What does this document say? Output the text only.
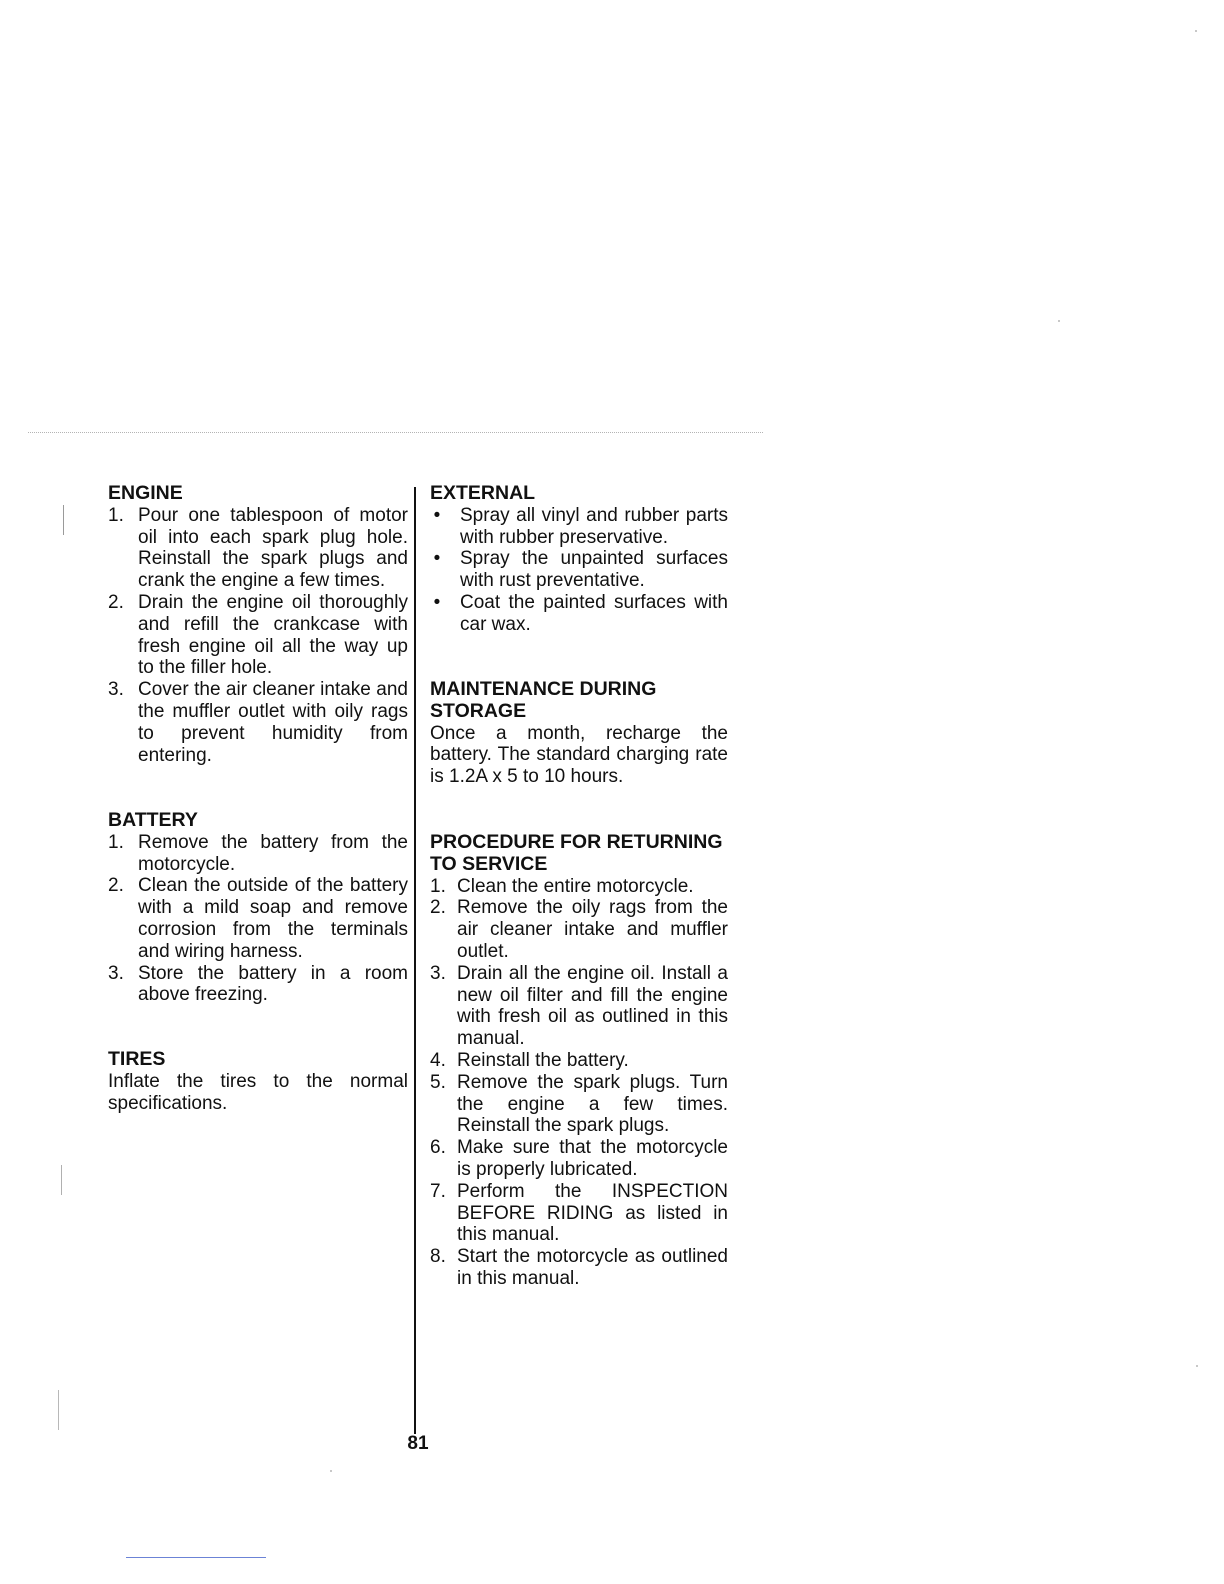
ENGINE
1. Pour one tablespoon of motor oil into each spark plug hole. Reinstall the spark plugs and crank the engine a few times.
2. Drain the engine oil thoroughly and refill the crankcase with fresh engine oil all the way up to the filler hole.
3. Cover the air cleaner intake and the muffler outlet with oily rags to prevent humidity from entering.
BATTERY
1. Remove the battery from the motorcycle.
2. Clean the outside of the battery with a mild soap and remove corrosion from the terminals and wiring harness.
3. Store the battery in a room above freezing.
TIRES

Inflate the tires to the normal specifications.

EXTERNAL
• Spray all vinyl and rubber parts with rubber preservative.
• Spray the unpainted surfaces with rust preventative.
• Coat the painted surfaces with car wax.
MAINTENANCE DURING
STORAGE

Once a month, recharge the battery. The standard charging rate is 1.2A x 5 to 10 hours.

PROCEDURE FOR RETURNING
TO SERVICE
1. Clean the entire motorcycle.
2. Remove the oily rags from the air cleaner intake and muffler outlet.
3. Drain all the engine oil. Install a new oil filter and fill the engine with fresh oil as outlined in this manual.
4. Reinstall the battery.
5. Remove the spark plugs. Turn the engine a few times. Reinstall the spark plugs.
6. Make sure that the motorcycle is properly lubricated.
7. Perform the INSPECTION BEFORE RIDING as listed in this manual.
8. Start the motorcycle as outlined in this manual.
81
